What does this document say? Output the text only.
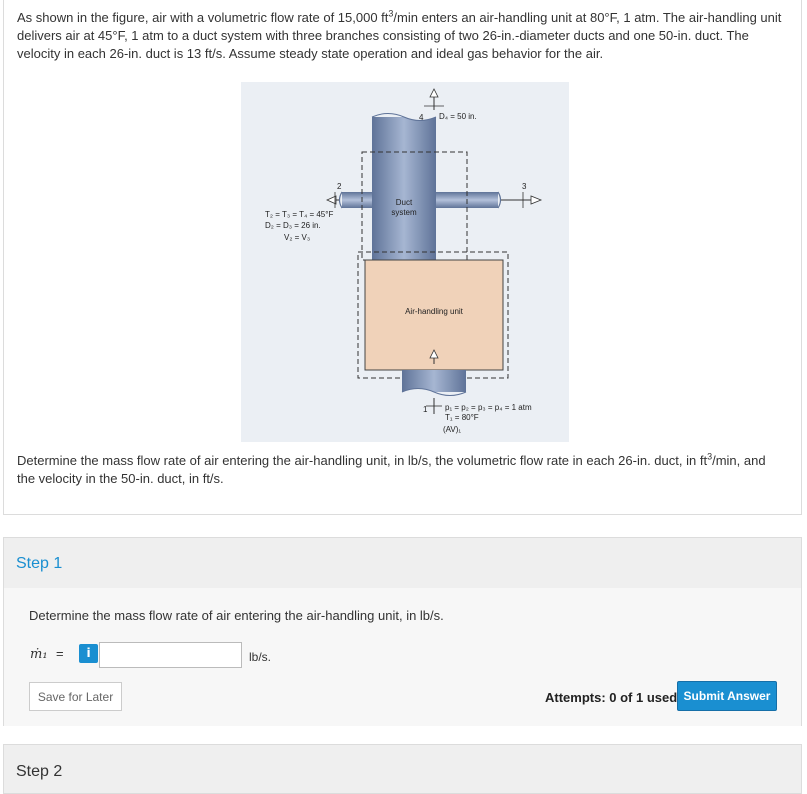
As shown in the figure, air with a volumetric flow rate of 15,000 $ft^3/\min$ enters an air-handling unit at 80°F, 1 atm. The air-handling unit delivers air at 45°F, 1 atm to a duct system with three branches consisting of two 26-in.-diameter ducts and one 50-in. duct. The velocity in each 26-in. duct is 13 ft/s. Assume steady state operation and ideal gas behavior for the air.

4 D₄ = 50 in.
2	3
T₂ = T₃ = T₄ = 45°F
D₂ = D₃ = 26 in.
V₂ = V₃
Duct
system
Air-handling unit
1 p₁ = p₂ = p₃ = p₄ = 1 atm
T₁ = 80°F
(AV)₁

Determine the mass flow rate of air entering the air-handling unit, in lb/s, the volumetric flow rate in each 26-in. duct, in $ft^3/\min$, and the velocity in the 50-in. duct, in ft/s.

Step 1

Determine the mass flow rate of air entering the air-handling unit, in lb/s.

ṁ₁ =	i	lb/s.
Save for Later	Attempts: 0 of 1 used Submit Answer
Step 2
